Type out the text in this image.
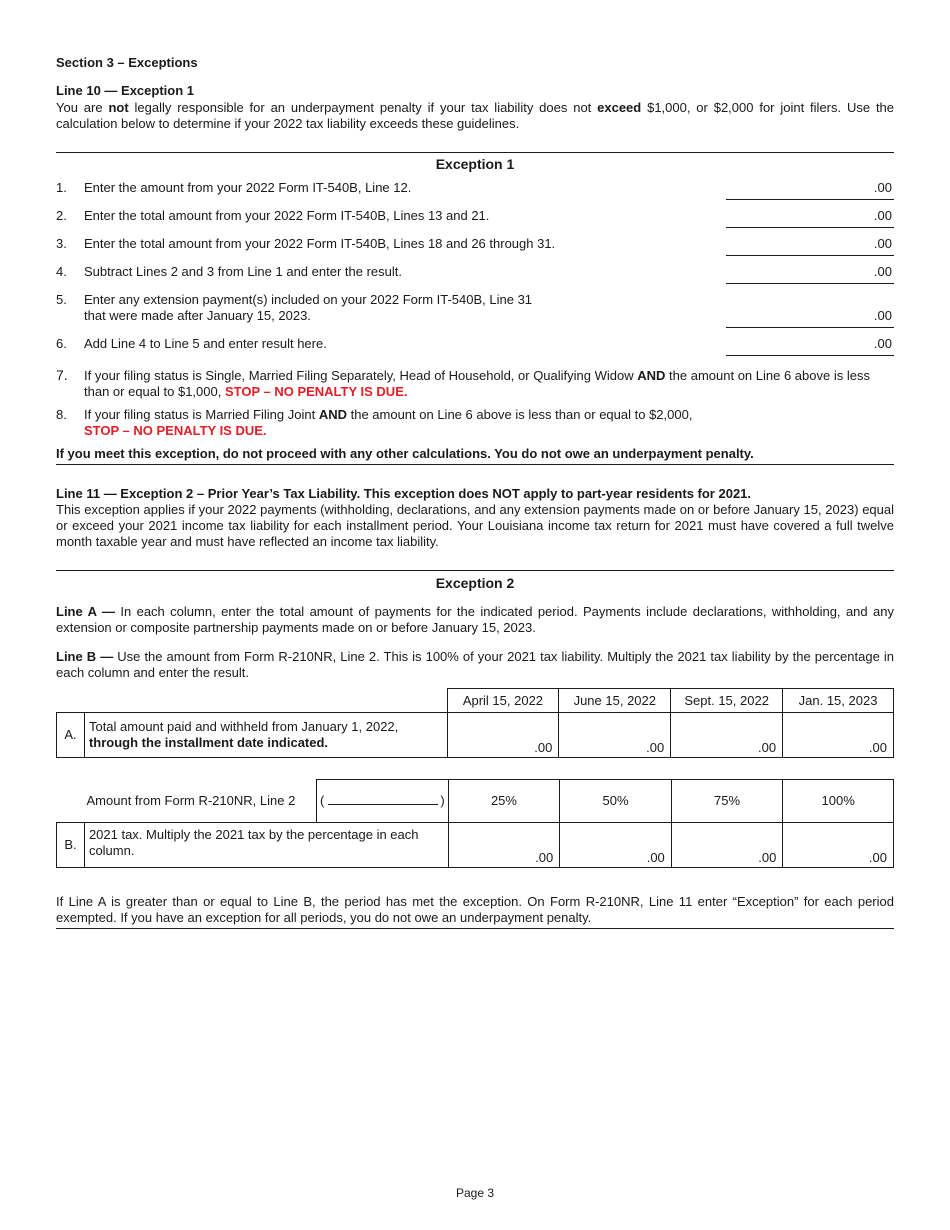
Section 3 – Exceptions
Line 10 — Exception 1
You are not legally responsible for an underpayment penalty if your tax liability does not exceed $1,000, or $2,000 for joint filers. Use the calculation below to determine if your 2022 tax liability exceeds these guidelines.
Exception 1
1.	Enter the amount from your 2022 Form IT-540B, Line 12.	.00
2.	Enter the total amount from your 2022 Form IT-540B, Lines 13 and 21.	.00
3.	Enter the total amount from your 2022 Form IT-540B, Lines 18 and 26 through 31.	.00
4.	Subtract Lines 2 and 3 from Line 1 and enter the result.	.00
5.	Enter any extension payment(s) included on your 2022 Form IT-540B, Line 31
that were made after January 15, 2023.	.00
6.	Add Line 4 to Line 5 and enter result here.	.00
7.	If your filing status is Single, Married Filing Separately, Head of Household, or Qualifying Widow AND the amount on Line 6 above is less than or equal to $1,000, STOP – NO PENALTY IS DUE.
8.	If your filing status is Married Filing Joint AND the amount on Line 6 above is less than or equal to $2,000,
STOP – NO PENALTY IS DUE.
If you meet this exception, do not proceed with any other calculations. You do not owe an underpayment penalty.
Line 11 — Exception 2 – Prior Year’s Tax Liability. This exception does NOT apply to part-year residents for 2021.
This exception applies if your 2022 payments (withholding, declarations, and any extension payments made on or before January 15, 2023) equal or exceed your 2021 income tax liability for each installment period. Your Louisiana income tax return for 2021 must have covered a full twelve month taxable year and must have reflected an income tax liability.
Exception 2
Line A — In each column, enter the total amount of payments for the indicated period. Payments include declarations, withholding, and any extension or composite partnership payments made on or before January 15, 2023.
Line B — Use the amount from Form R-210NR, Line 2. This is 100% of your 2021 tax liability. Multiply the 2021 tax liability by the percentage in each column and enter the result.
		April 15, 2022	June 15, 2022	Sept. 15, 2022	Jan. 15, 2023
A.	Total amount paid and withheld from January 1, 2022,
through the installment date indicated.	.00	.00	.00	.00
Amount from Form R-210NR, Line 2		( )	25%	50%	75%	100%
B.	2021 tax. Multiply the 2021 tax by the percentage in each column.		.00	.00	.00	.00
If Line A is greater than or equal to Line B, the period has met the exception. On Form R-210NR, Line 11 enter “Exception” for each period exempted. If you have an exception for all periods, you do not owe an underpayment penalty.
Page 3
